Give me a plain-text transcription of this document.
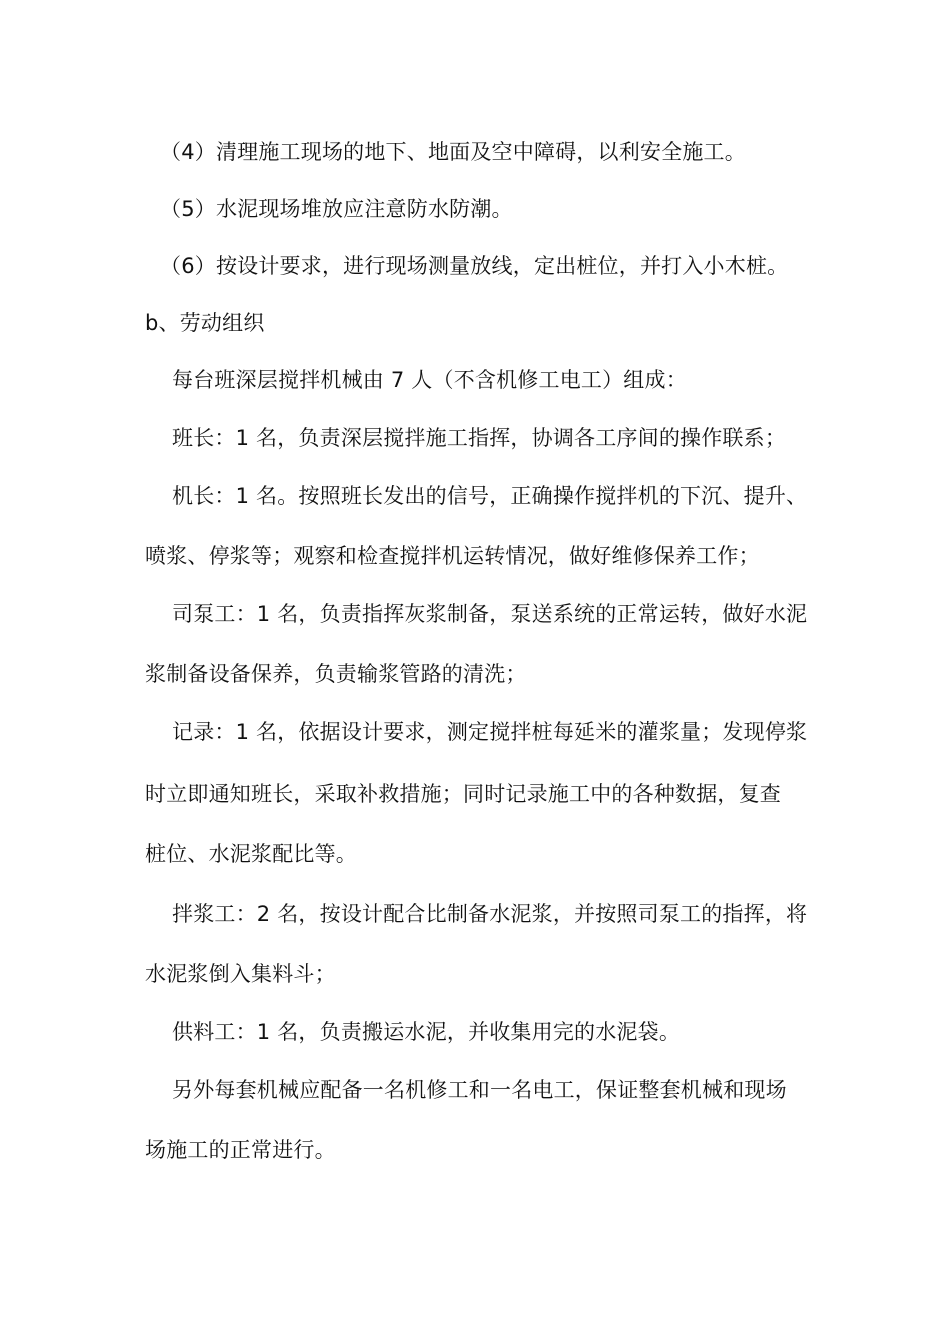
（4）清理施工现场的地下、地面及空中障碍，以利安全施工。
（5）水泥现场堆放应注意防水防潮。
（6）按设计要求，进行现场测量放线，定出桩位，并打入小木桩。
b、劳动组织
每台班深层搅拌机械由 7 人（不含机修工电工）组成：
班长：1 名，负责深层搅拌施工指挥，协调各工序间的操作联系；
机长：1 名。按照班长发出的信号，正确操作搅拌机的下沉、提升、
喷浆、停浆等；观察和检查搅拌机运转情况，做好维修保养工作；
司泵工：1 名，负责指挥灰浆制备，泵送系统的正常运转，做好水泥
浆制备设备保养，负责输浆管路的清洗；
记录：1 名，依据设计要求，测定搅拌桩每延米的灌浆量；发现停浆
时立即通知班长，采取补救措施；同时记录施工中的各种数据，复查
桩位、水泥浆配比等。
拌浆工：2 名，按设计配合比制备水泥浆，并按照司泵工的指挥，将
水泥浆倒入集料斗；
供料工：1 名，负责搬运水泥，并收集用完的水泥袋。
另外每套机械应配备一名机修工和一名电工，保证整套机械和现场
场施工的正常进行。
